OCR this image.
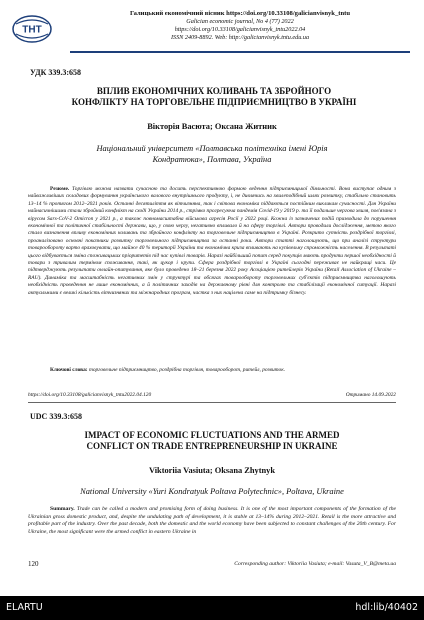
ТНТ
Галицький економічний вісник https://doi.org/10.33108/galicianvisnyk_tntu
Galician economic journal, No 4 (77) 2022
https://doi.org/10.33108/galicianvisnyk_tntu2022.04
ISSN 2409-8892. Web: http://galicianvisnyk.tntu.edu.ua
УДК 339.3:658
ВПЛИВ ЕКОНОМІЧНИХ КОЛИВАНЬ ТА ЗБРОЙНОГО
КОНФЛІКТУ НА ТОРГОВЕЛЬНЕ ПІДПРИЄМНИЦТВО В УКРАЇНІ
Вікторія Васюта; Оксана Житник
Національний університет «Полтавська політехніка імені Юрія
Кондратюка», Полтава, Україна
Резюме. Торгівлю можна назвати сучасною та досить перспективною формою ведення підприємницької діяльності. Вона виступає одним з найважливіших складових формування українського валового внутрішнього продукту, і, не дивлячись на хвилеподібний шлях розвитку, стабільно становить 13–14 % протягом 2012–2021 років. Останні десятиліття як вітчизняна, так і світова економіка піддаються постійним викликам сучасності. Для України найнасичнішими стали збройний конфлікт на сході України 2014 р., стрімко прогресуюча пандемія Covid-19 у 2019 р. та її подальше чергова хвиля, пов'язана з вірусом Sars-CoV-2 Omicron у 2021 р., а також повномасштабна військова агресія Росії у 2022 році. Кожна із зазначених подій призводила до порушення економічної та політичної стабільності держави, що, у свою чергу, негативно впливало й на сферу торгівлі. Автори проводили дослідження, метою якого стало визначення впливу економічних коливань та збройного конфлікту на торговельне підприємництво в Україні. Розкрито сутність роздрібної торгівлі, проаналізовано основні показники розвитку торговельного підприємництва за останні роки. Автори статті наголошують, що при аналізі структури товарообороту варто враховувати, що майже 40 % території України та економічна криза впливають на купівельну спроможність населення. В результаті цього відбувається зміна споживацьких пріоритетів під час купівлі товарів. Наразі найбільший попит серед покупців мають продукти першої необхідності й товари з тривалим терміном споживання, такі, як цукор і крупи. Сфера роздрібної торгівлі в Україні сьогодні переживає не найкращі часи. Це підтверджують результати онлайн-опитування, яке було проведено 18–21 березня 2022 року Асоціацією ритейлерів України (Retail Association of Ukraine – RAU). Динаміка та масштабність негативних змін у структурі та обсягах товарообороту торговельних суб'єктів підприємництва наголошують необхідність проведення не лише економічних, а й політичних заходів на державному рівні для контролю та стабілізації економічної ситуації. Наразі актуальними є великі кількість вітчизняних та міжнародних програм, частка з них націлена саме на підтримку бізнесу.
Ключові слова: торговельне підприємництво, роздрібна торгівля, товарооборот, ритейл, розвиток.
https://doi.org/10.33108/galicianvisnyk_tntu2022.04.120	Отримано 14.09.2022
UDC 339.3:658
IMPACT OF ECONOMIC FLUCTUATIONS AND THE ARMED
CONFLICT ON TRADE ENTREPRENEURSHIP IN UKRAINE
Viktoriia Vasiuta; Oksana Zhytnyk
National University «Yuri Kondratyuk Poltava Polytechnic», Poltava, Ukraine
Summary. Trade can be called a modern and promising form of doing business. It is one of the most important components of the formation of the Ukrainian gross domestic product, and, despite the undulating path of development, it is stable at 13–14% during 2012–2021. Retail is the more attractive and profitable part of the industry. Over the past decade, both the domestic and the world economy have been subjected to constant challenges of the 20th century. For Ukraine, the most significant were the armed conflict in eastern Ukraine in
120	Corresponding author: Viktoriia Vasiuta; e-mail: Vasuta_V_B@meta.ua
ELARTU	hdl:lib/40402
